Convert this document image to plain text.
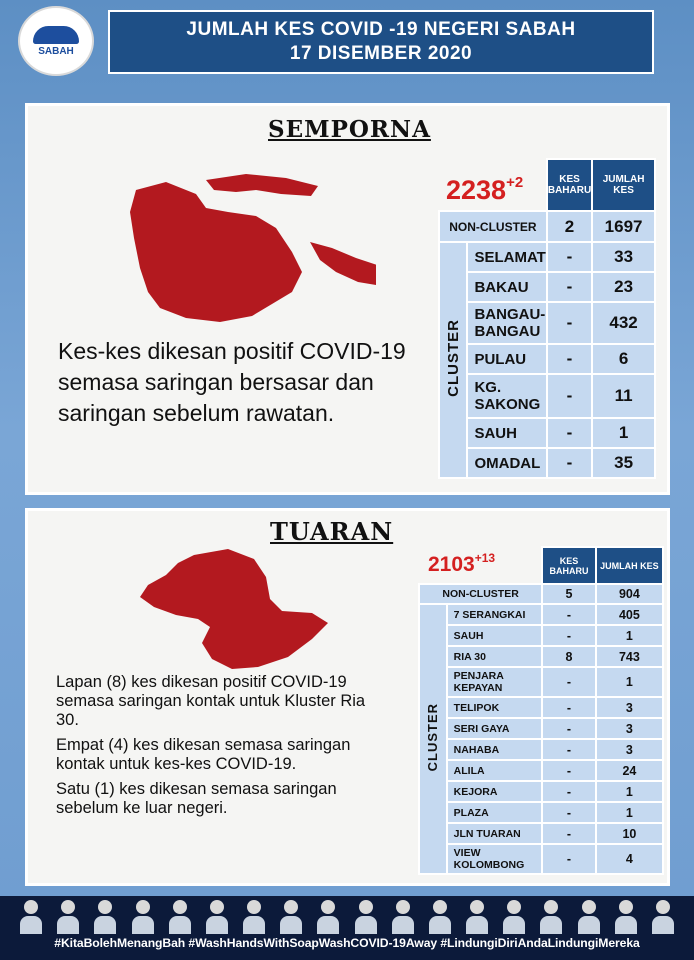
SABAH
JUMLAH KES COVID -19 NEGERI SABAH
17 DISEMBER 2020
SEMPORNA
Kes-kes dikesan positif COVID-19 semasa saringan bersasar dan saringan sebelum rawatan.
$2238^{+2}$
		KES BAHARU	JUMLAH KES
NON-CLUSTER		2	1697
CLUSTER	SELAMAT	-	33
	BAKAU	-	23
	BANGAU-BANGAU	-	432
	PULAU	-	6
	KG. SAKONG	-	11
	SAUH	-	1
	OMADAL	-	35
TUARAN

Lapan (8) kes dikesan positif COVID-19 semasa saringan kontak untuk Kluster Ria 30.

Empat (4) kes dikesan semasa saringan kontak untuk kes-kes COVID-19.

Satu (1) kes dikesan semasa saringan sebelum ke luar negeri.

$2103^{+13}$
		KES BAHARU	JUMLAH KES
NON-CLUSTER		5	904
CLUSTER	7 SERANGKAI	-	405
	SAUH	-	1
	RIA 30	8	743
	PENJARA KEPAYAN	-	1
	TELIPOK	-	3
	SERI GAYA	-	3
	NAHABA	-	3
	ALILA	-	24
	KEJORA	-	1
	PLAZA	-	1
	JLN TUARAN	-	10
	VIEW KOLOMBONG	-	4
#KitaBolehMenangBah #WashHandsWithSoapWashCOVID-19Away #LindungiDiriAndaLindungiMereka
